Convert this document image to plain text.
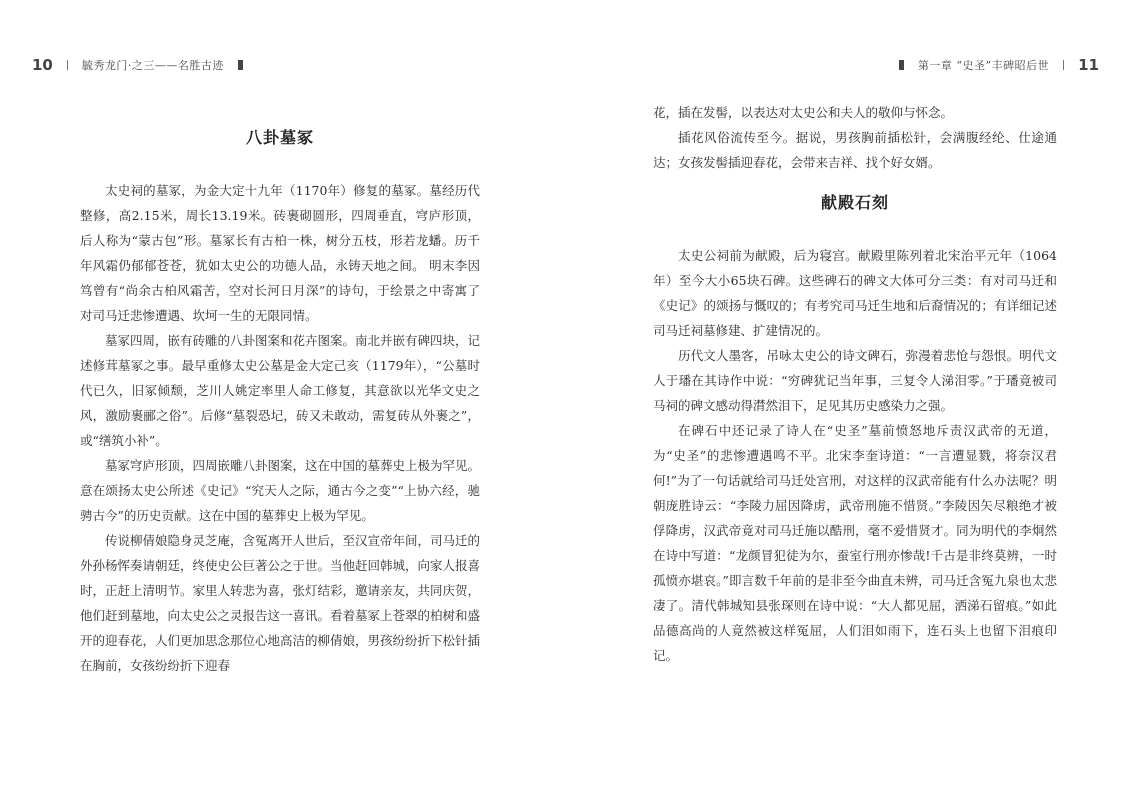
10	毓秀龙门·之三——名胜古迹
八卦墓冢

太史祠的墓冢，为金大定十九年（1170年）修复的墓冢。墓经历代整修，高2.15米，周长13.19米。砖裹砌圆形，四周垂直，穹庐形顶，后人称为“蒙古包”形。墓冢长有古柏一株，树分五枝，形若龙蟠。历千年风霜仍郁郁苍苍，犹如太史公的功德人品，永铸天地之间。 明末李因笃曾有“尚余古柏风霜苦，空对长河日月深”的诗句，于绘景之中寄寓了对司马迁悲惨遭遇、坎坷一生的无限同情。

墓冢四周，嵌有砖雕的八卦图案和花卉图案。南北并嵌有碑四块，记述修茸墓冢之事。最早重修太史公墓是金大定己亥（1179年），“公墓时代已久，旧冢倾颓，芝川人姚定率里人命工修复，其意欲以光华文史之风，激励裹郦之俗”。后修“墓裂恐圮，砖又未敢动，需复砖从外裹之”，或“缮筑小补”。

墓冢穹庐形顶，四周嵌雕八卦图案，这在中国的墓葬史上极为罕见。意在颂扬太史公所述《史记》“究天人之际，通古今之变”“上协六经，驰骋古今”的历史贡献。这在中国的墓葬史上极为罕见。

传说柳倩娘隐身灵芝庵，含冤离开人世后，至汉宣帝年间，司马迁的外孙杨恽奏请朝廷，终使史公巨著公之于世。当他赶回韩城，向家人报喜时，正赶上清明节。家里人转悲为喜，张灯结彩，邀请亲友，共同庆贺，他们赶到墓地，向太史公之灵报告这一喜讯。看着墓冢上苍翠的柏树和盛开的迎春花，人们更加思念那位心地高洁的柳倩娘，男孩纷纷折下松针插在胸前，女孩纷纷折下迎春

第一章 “史圣”丰碑昭后世 11

花，插在发髻，以表达对太史公和夫人的敬仰与怀念。

插花风俗流传至今。据说，男孩胸前插松针，会满腹经纶、仕途通达；女孩发髻插迎春花，会带来吉祥、找个好女婿。

献殿石刻

太史公祠前为献殿，后为寝宫。献殿里陈列着北宋治平元年（1064年）至今大小65块石碑。这些碑石的碑文大体可分三类：有对司马迁和《史记》的颂扬与慨叹的；有考究司马迁生地和后裔情况的；有详细记述司马迁祠墓修建、扩建情况的。

历代文人墨客，吊咏太史公的诗文碑石，弥漫着悲怆与怨恨。明代文人于璠在其诗作中说：“穷碑犹记当年事，三复令人涕泪零。”于璠竟被司马祠的碑文感动得潸然泪下，足见其历史感染力之强。

在碑石中还记录了诗人在“史圣”墓前愤怒地斥责汉武帝的无道，为“史圣”的悲惨遭遇鸣不平。北宋李奎诗道：“一言遭显戮，将奈汉君何!”为了一句话就给司马迁处宫刑，对这样的汉武帝能有什么办法呢？明朝庞胜诗云：“李陵力屈因降虏，武帝刑施不惜贤。”李陵因矢尽粮绝才被俘降虏，汉武帝竟对司马迁施以酷刑，毫不爱惜贤才。同为明代的李炯然在诗中写道：“龙颜冒犯徒为尔，蚕室行刑亦惨哉!千古是非终莫辨，一时孤愤亦堪哀。”即言数千年前的是非至今曲直未辨，司马迁含冤九泉也太悲凄了。清代韩城知县张琛则在诗中说：“大人都见屈，洒涕石留痕。”如此品德高尚的人竟然被这样冤屈，人们泪如雨下，连石头上也留下泪痕印记。
